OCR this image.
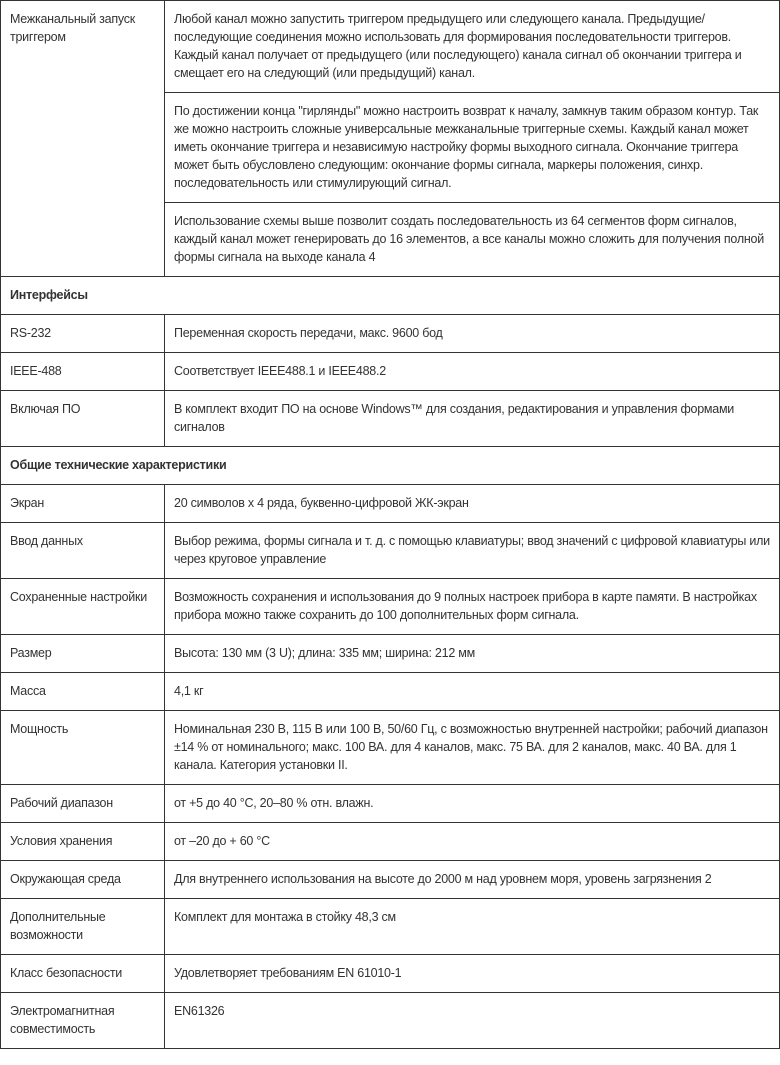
Межканальный запуск триггером	Любой канал можно запустить триггером предыдущего или следующего канала. Предыдущие/последующие соединения можно использовать для формирования последовательности триггеров. Каждый канал получает от предыдущего (или последующего) канала сигнал об окончании триггера и смещает его на следующий (или предыдущий) канал.
	По достижении конца "гирлянды" можно настроить возврат к началу, замкнув таким образом контур. Так же можно настроить сложные универсальные межканальные триггерные схемы. Каждый канал может иметь окончание триггера и независимую настройку формы выходного сигнала. Окончание триггера может быть обусловлено следующим: окончание формы сигнала, маркеры положения, синхр. последовательность или стимулирующий сигнал.
	Использование схемы выше позволит создать последовательность из 64 сегментов форм сигналов, каждый канал может генерировать до 16 элементов, а все каналы можно сложить для получения полной формы сигнала на выходе канала 4
Интерфейсы	
RS-232	Переменная скорость передачи, макс. 9600 бод
IEEE-488	Соответствует IEEE488.1 и IEEE488.2
Включая ПО	В комплект входит ПО на основе Windows™ для создания, редактирования и управления формами сигналов
Общие технические характеристики	
Экран	20 символов x 4 ряда, буквенно-цифровой ЖК-экран
Ввод данных	Выбор режима, формы сигнала и т. д. с помощью клавиатуры; ввод значений с цифровой клавиатуры или через круговое управление
Сохраненные настройки	Возможность сохранения и использования до 9 полных настроек прибора в карте памяти. В настройках прибора можно также сохранить до 100 дополнительных форм сигнала.
Размер	Высота: 130 мм (3 U); длина: 335 мм; ширина: 212 мм
Масса	4,1 кг
Мощность	Номинальная 230 В, 115 В или 100 В, 50/60 Гц, с возможностью внутренней настройки; рабочий диапазон ±14 % от номинального; макс. 100 ВА. для 4 каналов, макс. 75 ВА. для 2 каналов, макс. 40 ВА. для 1 канала. Категория установки II.
Рабочий диапазон	от +5 до 40 °C, 20–80 % отн. влажн.
Условия хранения	от –20 до + 60 °C
Окружающая среда	Для внутреннего использования на высоте до 2000 м над уровнем моря, уровень загрязнения 2
Дополнительные возможности	Комплект для монтажа в стойку 48,3 см
Класс безопасности	Удовлетворяет требованиям EN 61010-1
Электромагнитная совместимость	EN61326
